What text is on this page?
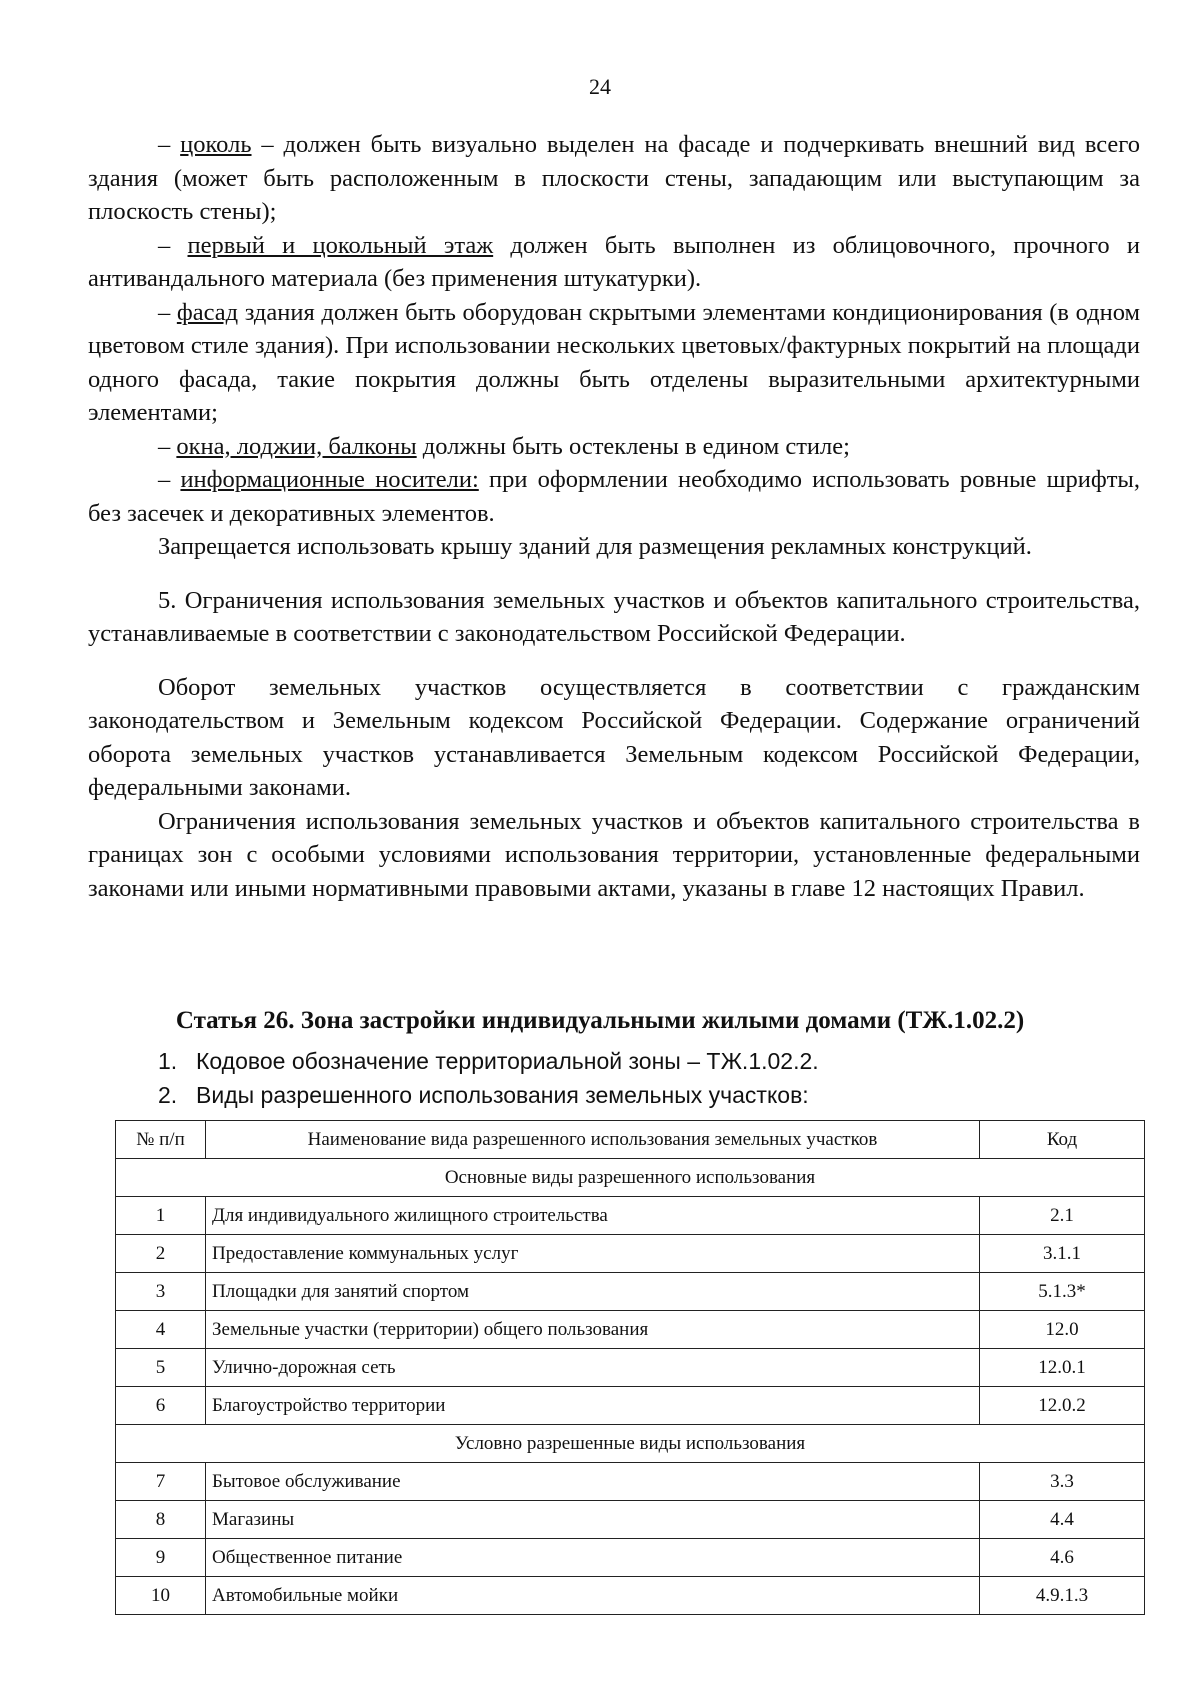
24

– цоколь – должен быть визуально выделен на фасаде и подчеркивать внешний вид всего здания (может быть расположенным в плоскости стены, западающим или выступающим за плоскость стены);

– первый и цокольный этаж должен быть выполнен из облицовочного, прочного и антивандального материала (без применения штукатурки).

– фасад здания должен быть оборудован скрытыми элементами кондиционирования (в одном цветовом стиле здания). При использовании нескольких цветовых/фактурных покрытий на площади одного фасада, такие покрытия должны быть отделены выразительными архитектурными элементами;

– окна, лоджии, балконы должны быть остеклены в едином стиле;

– информационные носители: при оформлении необходимо использовать ровные шрифты, без засечек и декоративных элементов.

Запрещается использовать крышу зданий для размещения рекламных конструкций.

5. Ограничения использования земельных участков и объектов капитального строительства, устанавливаемые в соответствии с законодательством Российской Федерации.

Оборот земельных участков осуществляется в соответствии с гражданским законодательством и Земельным кодексом Российской Федерации. Содержание ограничений оборота земельных участков устанавливается Земельным кодексом Российской Федерации, федеральными законами.

Ограничения использования земельных участков и объектов капитального строительства в границах зон с особыми условиями использования территории, установленные федеральными законами или иными нормативными правовыми актами, указаны в главе 12 настоящих Правил.

Статья 26. Зона застройки индивидуальными жилыми домами (ТЖ.1.02.2)
1. Кодовое обозначение территориальной зоны – ТЖ.1.02.2.
2. Виды разрешенного использования земельных участков:
№ п/п	Наименование вида разрешенного использования земельных участков	Код
Основные виды разрешенного использования		
1	Для индивидуального жилищного строительства	2.1
2	Предоставление коммунальных услуг	3.1.1
3	Площадки для занятий спортом	5.1.3*
4	Земельные участки (территории) общего пользования	12.0
5	Улично-дорожная сеть	12.0.1
6	Благоустройство территории	12.0.2
Условно разрешенные виды использования		
7	Бытовое обслуживание	3.3
8	Магазины	4.4
9	Общественное питание	4.6
10	Автомобильные мойки	4.9.1.3
